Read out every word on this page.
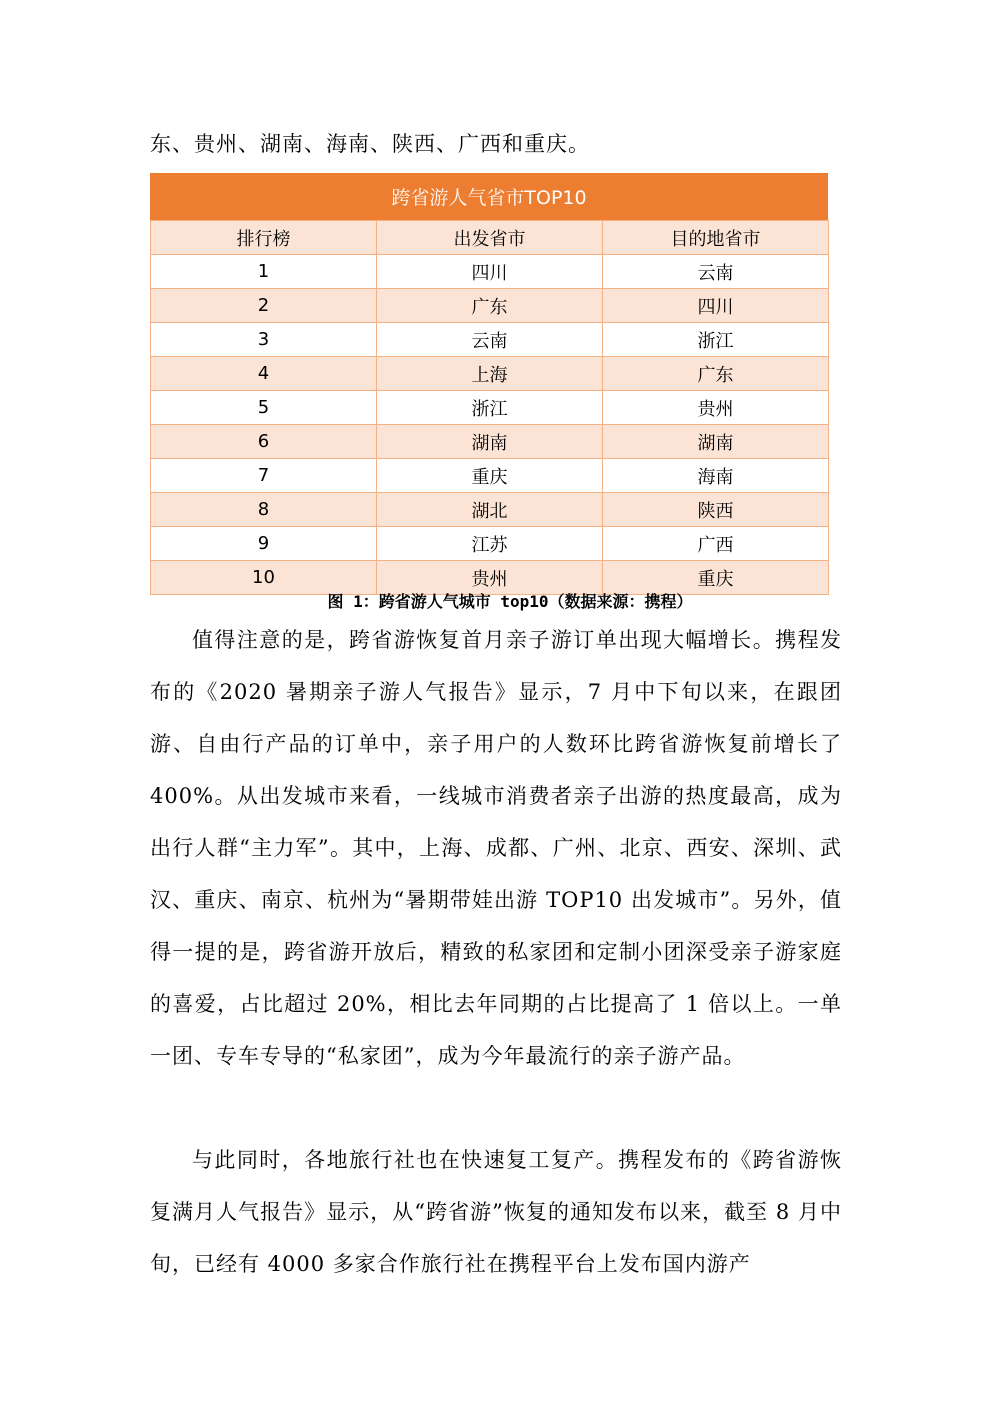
东、贵州、湖南、海南、陕西、广西和重庆。
跨省游人气省市TOP10
排行榜	出发省市	目的地省市
1	四川	云南
2	广东	四川
3	云南	浙江
4	上海	广东
5	浙江	贵州
6	湖南	湖南
7	重庆	海南
8	湖北	陕西
9	江苏	广西
10	贵州	重庆
图 1：跨省游人气城市 top10（数据来源：携程）

值得注意的是，跨省游恢复首月亲子游订单出现大幅增长。携程发布的《2020 暑期亲子游人气报告》显示，7 月中下旬以来，在跟团游、自由行产品的订单中，亲子用户的人数环比跨省游恢复前增长了 400%。从出发城市来看，一线城市消费者亲子出游的热度最高，成为出行人群“主力军”。其中，上海、成都、广州、北京、西安、深圳、武汉、重庆、南京、杭州为“暑期带娃出游 TOP10 出发城市”。另外，值得一提的是，跨省游开放后，精致的私家团和定制小团深受亲子游家庭的喜爱，占比超过 20%，相比去年同期的占比提高了 1 倍以上。一单一团、专车专导的“私家团”，成为今年最流行的亲子游产品。

与此同时，各地旅行社也在快速复工复产。携程发布的《跨省游恢复满月人气报告》显示，从“跨省游”恢复的通知发布以来，截至 8 月中旬，已经有 4000 多家合作旅行社在携程平台上发布国内游产
